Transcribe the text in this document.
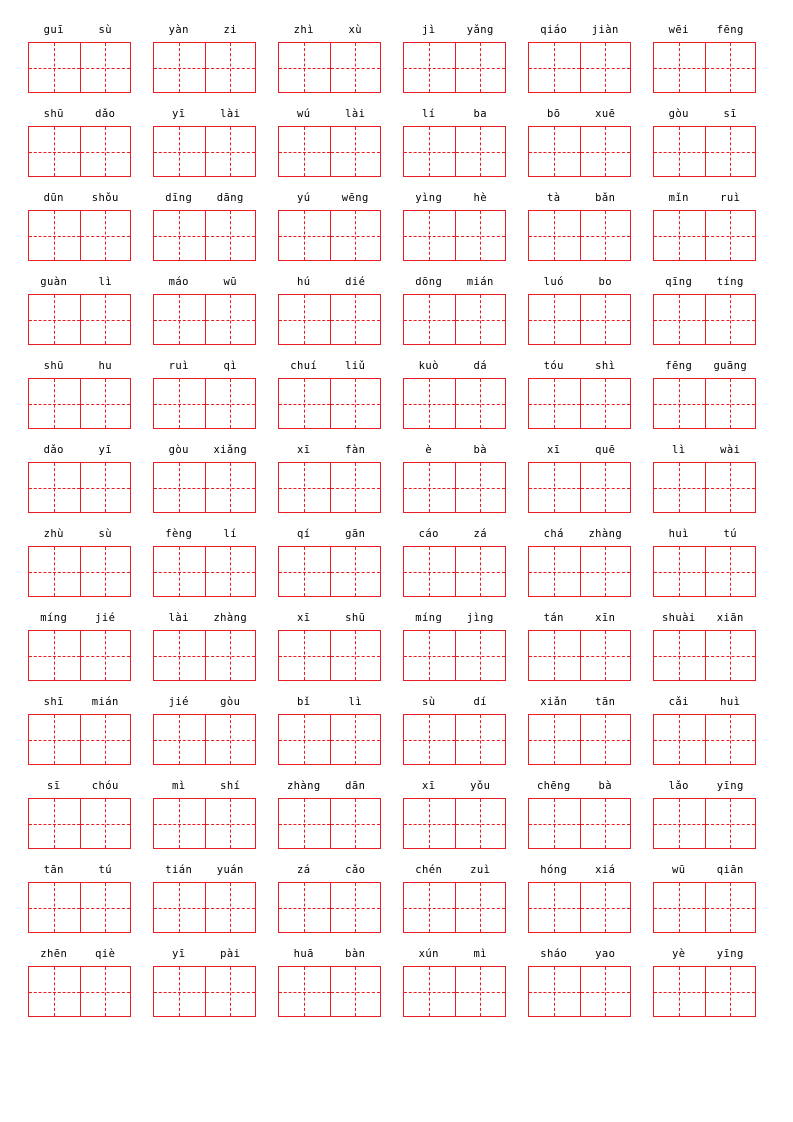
guī	sù	yàn	zi	zhì	xù	jì	yǎng	qiáo	jiàn	wēi	fēng
shū	dǎo	yī	lài	wú	lài	lí	ba	bō	xuē	gòu	sī
dūn	shǒu	dīng	dāng	yú	wēng	yìng	hè	tà	bǎn	mǐn	ruì
guàn	lì	máo	wū	hú	dié	dōng	mián	luó	bo	qīng	tíng
shū	hu	ruì	qì	chuí	liǔ	kuò	dá	tóu	shì	fēng	guāng
dǎo	yī	gòu	xiǎng	xī	fàn	è	bà	xī	quē	lì	wài
zhù	sù	fèng	lí	qí	gān	cáo	zá	chá	zhàng	huì	tú
míng	jié	lài	zhàng	xī	shū	míng	jìng	tán	xīn	shuài	xiān
shī	mián	jié	gòu	bǐ	lì	sù	dí	xiǎn	tān	cǎi	huì
sī	chóu	mì	shí	zhàng	dān	xī	yǒu	chēng	bà	lǎo	yīng
tān	tú	tián	yuán	zá	cǎo	chén	zuì	hóng	xiá	wū	qiān
zhēn	qiè	yī	pài	huā	bàn	xún	mì	sháo	yao	yè	yīng
